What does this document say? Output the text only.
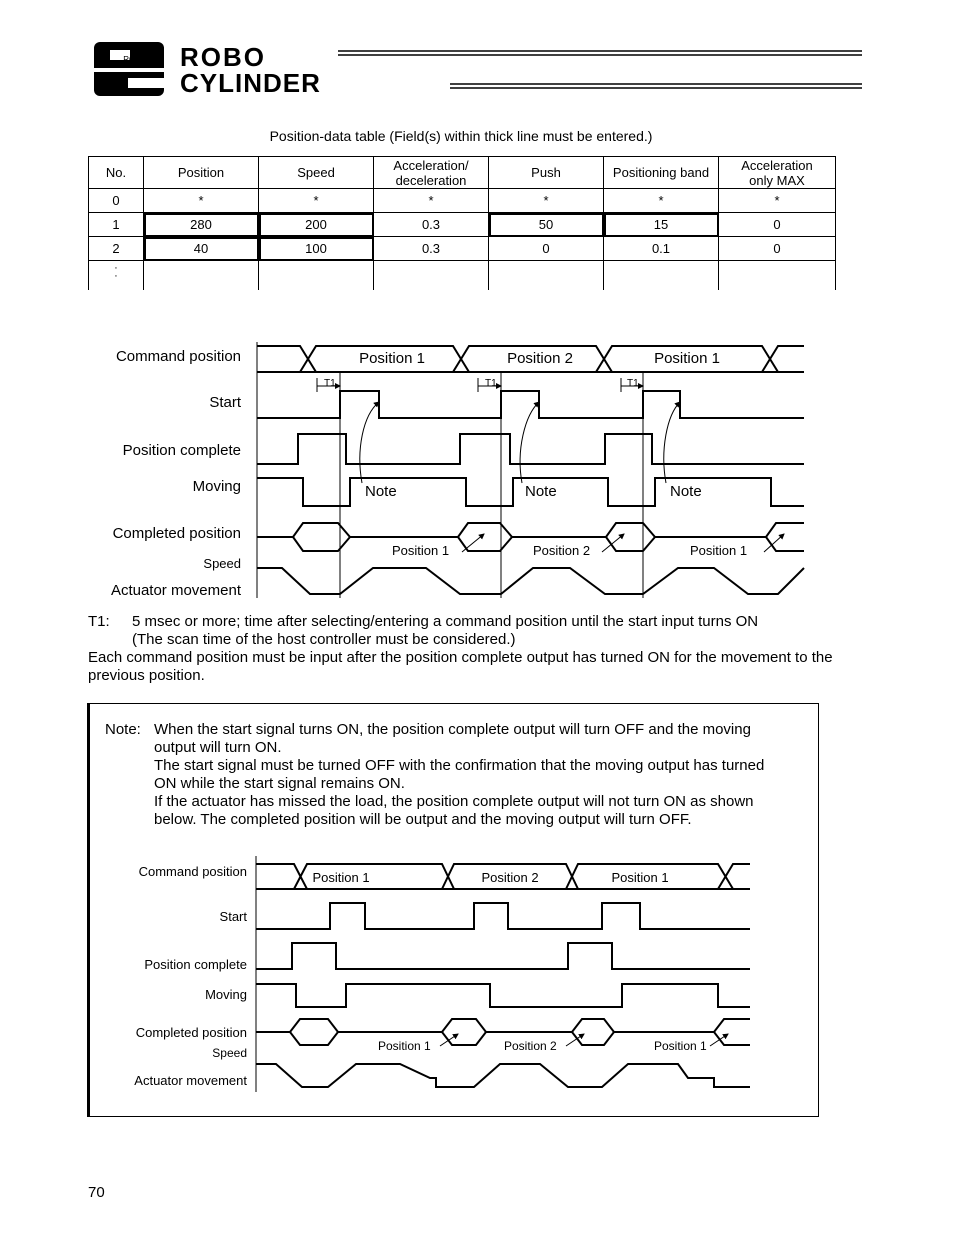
RC ROBO
CYLINDER
Position-data table (Field(s) within thick line must be entered.)
No.	Position	Speed	Acceleration/ deceleration	Push	Positioning band	Acceleration only MAX
0	*	*	*	*	*	*
1	280	200	0.3	50	15	0
2	40	100	0.3	0	0.1	0

·
·						

Command position
Start
Position complete
Moving
Completed position
Speed
Actuator movement
T1	T1	T1
Position 1	Position 2	Position 1
Note	Note	Note
Position 1	Position 2	Position 1
T1: 5 msec or more; time after selecting/entering a command position until the start input turns ON
(The scan time of the host controller must be considered.)
Each command position must be input after the position complete output has turned ON for the movement to the
previous position.
Note: When the start signal turns ON, the position complete output will turn OFF and the moving
output will turn ON.
The start signal must be turned OFF with the confirmation that the moving output has turned
ON while the start signal remains ON.
If the actuator has missed the load, the position complete output will not turn ON as shown
below. The completed position will be output and the moving output will turn OFF.
Command position
Start
Position complete
Moving
Completed position
Speed
Actuator movement
Position 1	Position 2	Position 1
Position 1	Position 2	Position 1
70
